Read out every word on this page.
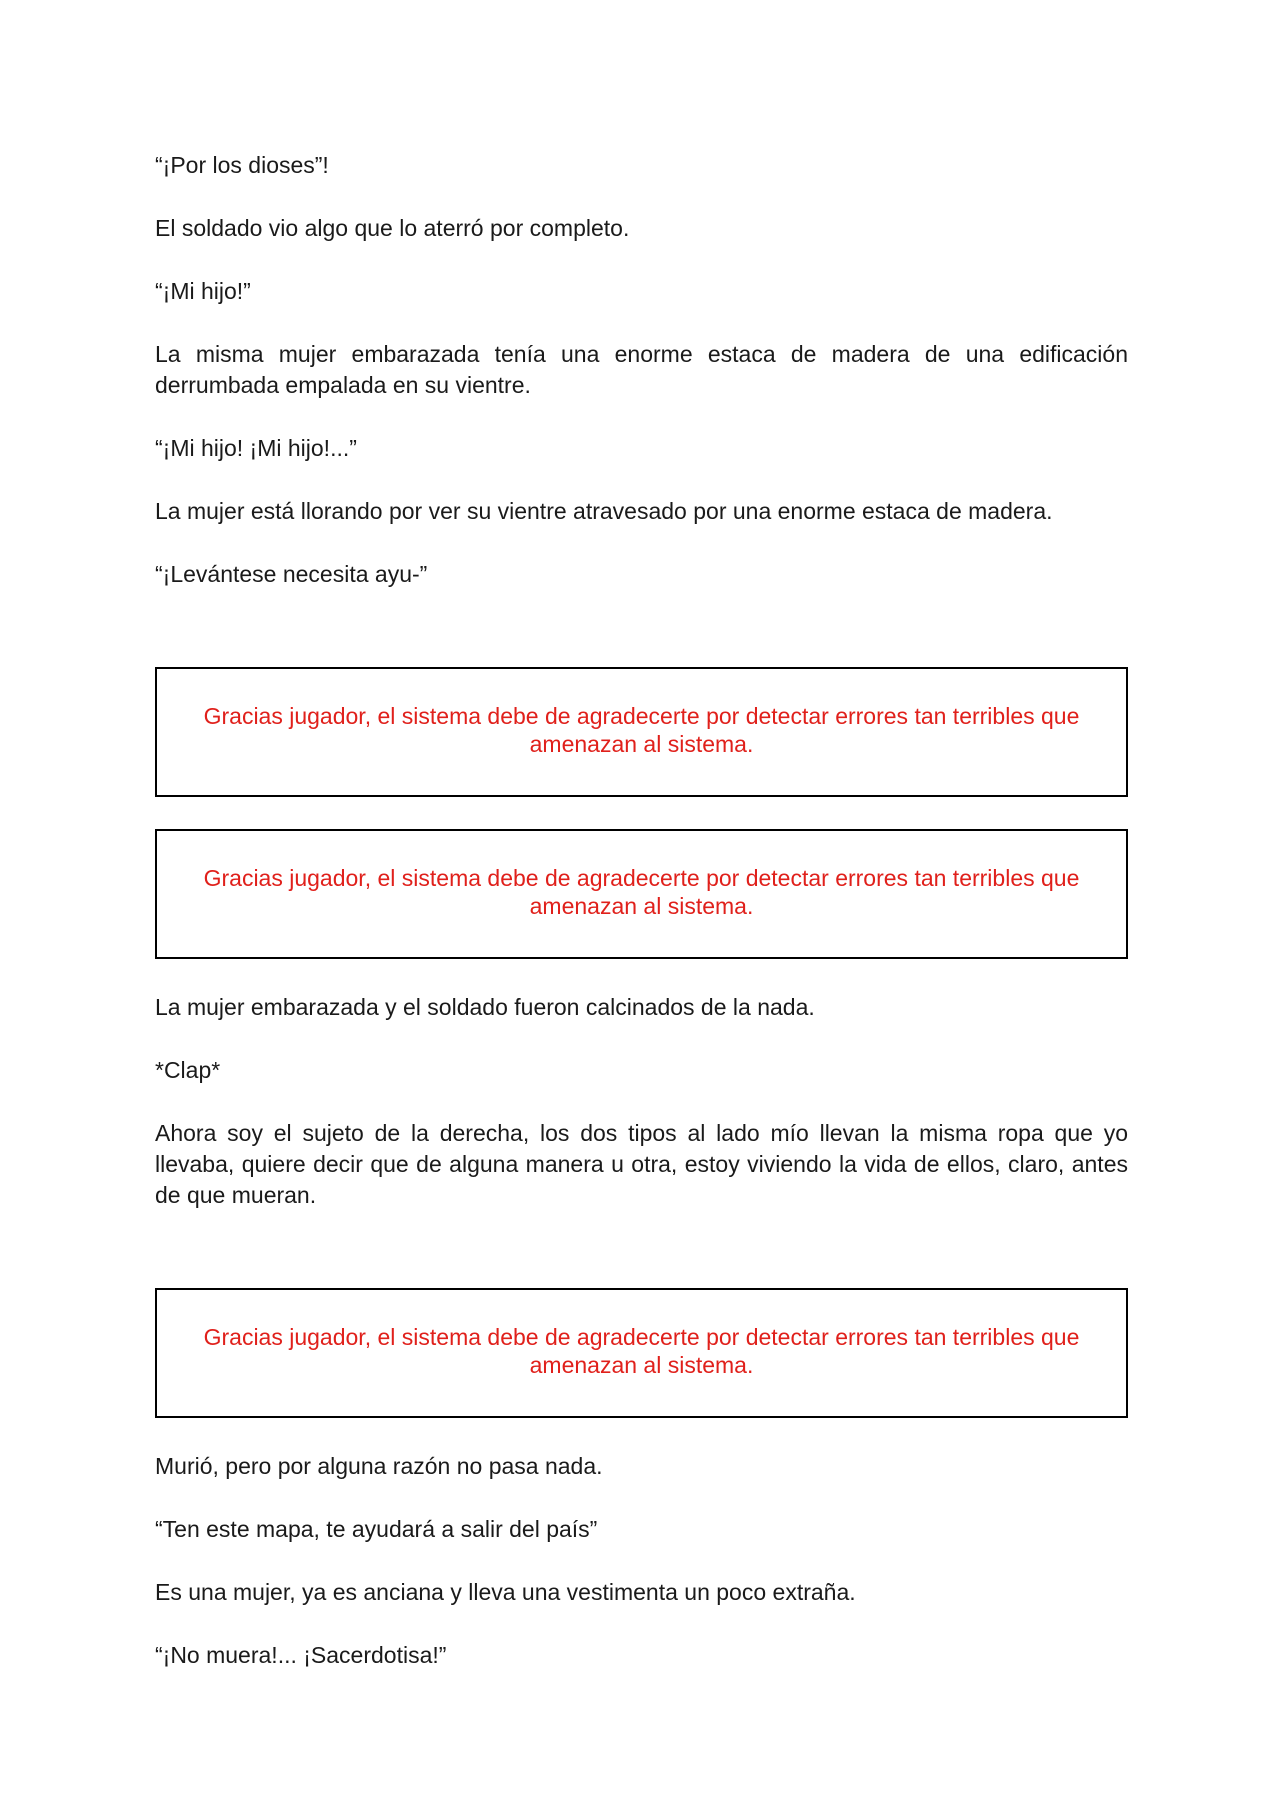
“¡Por los dioses”!

El soldado vio algo que lo aterró por completo.

“¡Mi hijo!”

La misma mujer embarazada tenía una enorme estaca de madera de una edificación derrumbada empalada en su vientre.

“¡Mi hijo! ¡Mi hijo!...”

La mujer está llorando por ver su vientre atravesado por una enorme estaca de madera.

“¡Levántese necesita ayu-”

Gracias jugador, el sistema debe de agradecerte por detectar errores tan terribles que amenazan al sistema.
Gracias jugador, el sistema debe de agradecerte por detectar errores tan terribles que amenazan al sistema.

La mujer embarazada y el soldado fueron calcinados de la nada.

*Clap*

Ahora soy el sujeto de la derecha, los dos tipos al lado mío llevan la misma ropa que yo llevaba, quiere decir que de alguna manera u otra, estoy viviendo la vida de ellos, claro, antes de que mueran.

Gracias jugador, el sistema debe de agradecerte por detectar errores tan terribles que amenazan al sistema.

Murió, pero por alguna razón no pasa nada.

“Ten este mapa, te ayudará a salir del país”

Es una mujer, ya es anciana y lleva una vestimenta un poco extraña.

“¡No muera!... ¡Sacerdotisa!”
